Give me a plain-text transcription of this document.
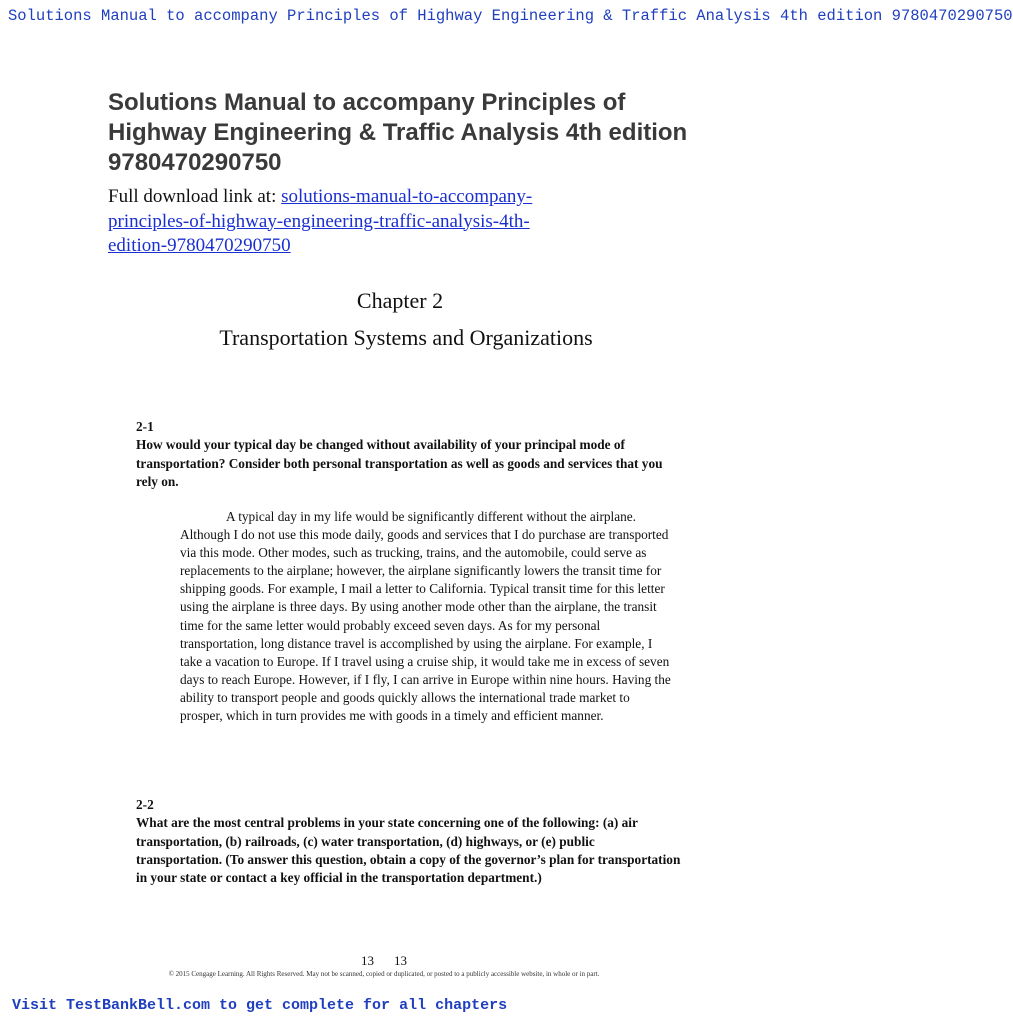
Solutions Manual to accompany Principles of Highway Engineering & Traffic Analysis 4th edition 9780470290750
Solutions Manual to accompany Principles of Highway Engineering & Traffic Analysis 4th edition 9780470290750
Full download link at: solutions-manual-to-accompany-principles-of-highway-engineering-traffic-analysis-4th-edition-9780470290750
Chapter 2
Transportation Systems and Organizations
2-1
How would your typical day be changed without availability of your principal mode of transportation? Consider both personal transportation as well as goods and services that you rely on.
A typical day in my life would be significantly different without the airplane. Although I do not use this mode daily, goods and services that I do purchase are transported via this mode. Other modes, such as trucking, trains, and the automobile, could serve as replacements to the airplane; however, the airplane significantly lowers the transit time for shipping goods. For example, I mail a letter to California. Typical transit time for this letter using the airplane is three days. By using another mode other than the airplane, the transit time for the same letter would probably exceed seven days. As for my personal transportation, long distance travel is accomplished by using the airplane. For example, I take a vacation to Europe. If I travel using a cruise ship, it would take me in excess of seven days to reach Europe. However, if I fly, I can arrive in Europe within nine hours. Having the ability to transport people and goods quickly allows the international trade market to prosper, which in turn provides me with goods in a timely and efficient manner.
2-2
What are the most central problems in your state concerning one of the following: (a) air transportation, (b) railroads, (c) water transportation, (d) highways, or (e) public transportation. (To answer this question, obtain a copy of the governor’s plan for transportation in your state or contact a key official in the transportation department.)
13 13
© 2015 Cengage Learning. All Rights Reserved. May not be scanned, copied or duplicated, or posted to a publicly accessible website, in whole or in part.
Visit TestBankBell.com to get complete for all chapters
